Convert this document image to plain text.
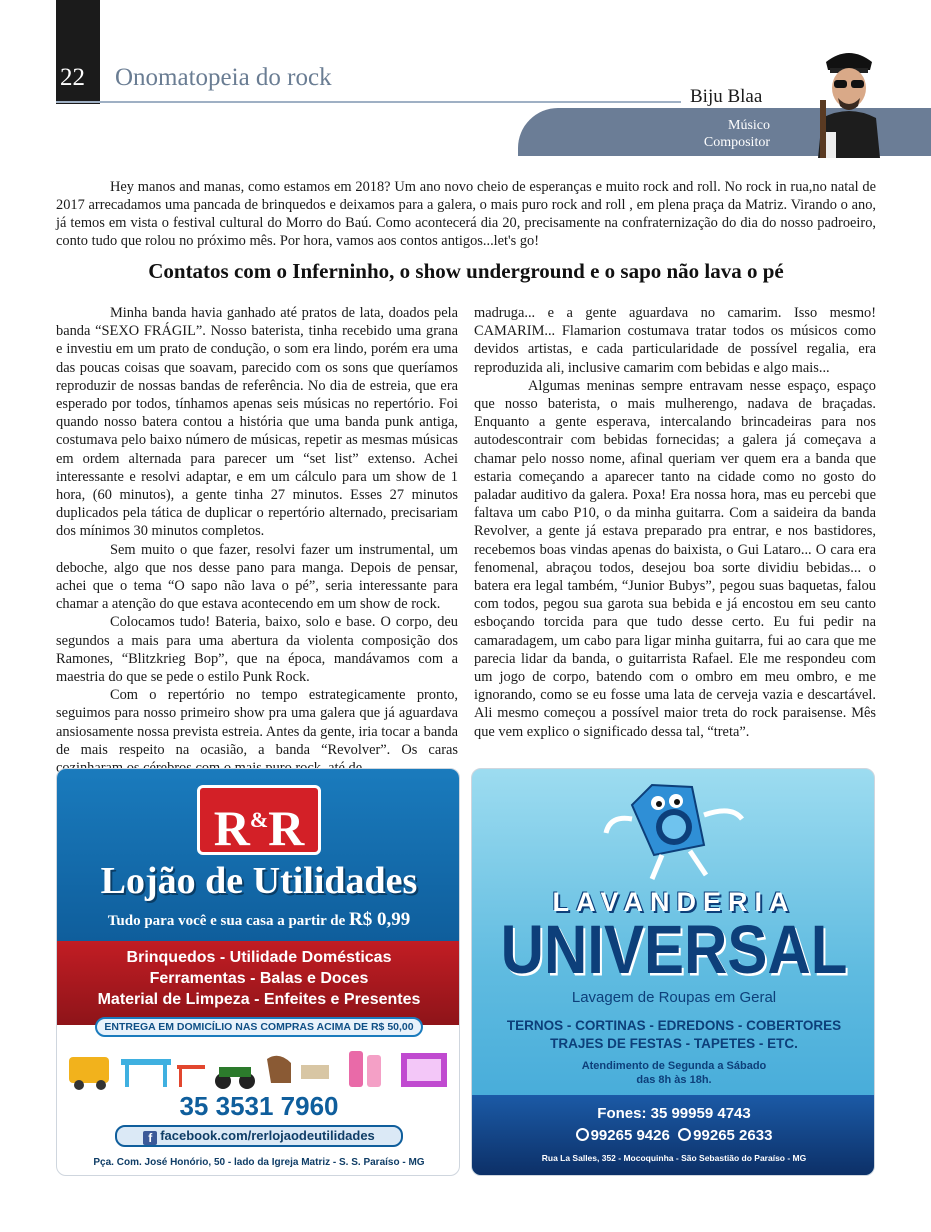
22 Onomatopeia do rock
Biju Blaa
Músico
Compositor

Hey manos and manas, como estamos em 2018? Um ano novo cheio de esperanças e muito rock and roll. No rock in rua,no natal de 2017 arrecadamos uma pancada de brinquedos e deixamos para a galera, o mais puro rock and roll , em plena praça da Matriz. Virando o ano, já temos em vista o festival cultural do Morro do Baú. Como acontecerá dia 20, precisamente na confraternização do dia do nosso padroeiro, conto tudo que rolou no próximo mês. Por hora, vamos aos contos antigos...let's go!

Contatos com o Inferninho, o show underground e o sapo não lava o pé

Minha banda havia ganhado até pratos de lata, doados pela banda “SEXO FRÁGIL”. Nosso baterista, tinha recebido uma grana e investiu em um prato de condução, o som era lindo, porém era uma das poucas coisas que soavam, parecido com os sons que queríamos reproduzir de nossas bandas de referência. No dia de estreia, que era esperado por todos, tínhamos apenas seis músicas no repertório. Foi quando nosso batera contou a história que uma banda punk antiga, costumava pelo baixo número de músicas, repetir as mesmas músicas em ordem alternada para parecer um “set list” extenso. Achei interessante e resolvi adaptar, e em um cálculo para um show de 1 hora, (60 minutos), a gente tinha 27 minutos. Esses 27 minutos duplicados pela tática de duplicar o repertório alternado, precisariam dos mínimos 30 minutos completos.

Sem muito o que fazer, resolvi fazer um instrumental, um deboche, algo que nos desse pano para manga. Depois de pensar, achei que o tema “O sapo não lava o pé”, seria interessante para chamar a atenção do que estava acontecendo em um show de rock.

Colocamos tudo! Bateria, baixo, solo e base. O corpo, deu segundos a mais para uma abertura da violenta composição dos Ramones, “Blitzkrieg Bop”, que na época, mandávamos com a maestria do que se pede o estilo Punk Rock.

Com o repertório no tempo estrategicamente pronto, seguimos para nosso primeiro show pra uma galera que já aguardava ansiosamente nossa prevista estreia. Antes da gente, iria tocar a banda de mais respeito na ocasião, a banda “Revolver”. Os caras

madruga... e a gente aguardava no camarim. Isso mesmo! CAMARIM... Flamarion costumava tratar todos os músicos como devidos artistas, e cada particularidade de possível regalia, era reproduzida ali, inclusive camarim com bebidas e algo mais...

Algumas meninas sempre entravam nesse espaço, espaço que nosso baterista, o mais mulherengo, nadava de braçadas. Enquanto a gente esperava, intercalando brincadeiras para nos autodescontrair com bebidas fornecidas; a galera já começava a chamar pelo nosso nome, afinal queriam ver quem era a banda que estaria começando a aparecer tanto na cidade como no gosto do paladar auditivo da galera. Poxa! Era nossa hora, mas eu percebi que faltava um cabo P10, o da minha guitarra. Com a saideira da banda Revolver, a gente já estava preparado pra entrar, e nos bastidores, recebemos boas vindas apenas do baixista, o Gui Lataro... O cara era fenomenal, abraçou todos, desejou boa sorte dividiu bebidas... o batera era legal também, “Junior Bubys”, pegou suas baquetas, falou com todos, pegou sua garota sua bebida e já encostou em seu canto esboçando torcida para que tudo desse certo. Eu fui pedir na camaradagem, um cabo para ligar minha guitarra, fui ao cara que me parecia lidar da banda, o guitarrista Rafael. Ele me respondeu com um jogo de corpo, batendo com o ombro em meu ombro, e me ignorando, como se eu fosse uma lata de cerveja vazia e descartável. Ali mesmo começou a possível maior treta do rock paraisense. Mês que vem explico o significado dessa tal, “treta”.

R&R
Lojão de Utilidades
Tudo para você e sua casa a partir de R$ 0,99
Brinquedos - Utilidade Domésticas
Ferramentas - Balas e Doces
Material de Limpeza - Enfeites e Presentes
ENTREGA EM DOMICÍLIO NAS COMPRAS ACIMA DE R$ 50,00
35 3531 7960
f facebook.com/rerlojaodeutilidades
Pça. Com. José Honório, 50 - lado da Igreja Matriz - S. S. Paraíso - MG
LAVANDERIA
UNIVERSAL
Lavagem de Roupas em Geral
TERNOS - CORTINAS - EDREDONS - COBERTORES
TRAJES DE FESTAS - TAPETES - ETC.
Atendimento de Segunda a Sábado
das 8h às 18h.
Fones: 35 99959 4743
99265 9426 99265 2633
Rua La Salles, 352 - Mocoquinha - São Sebastião do Paraíso - MG
